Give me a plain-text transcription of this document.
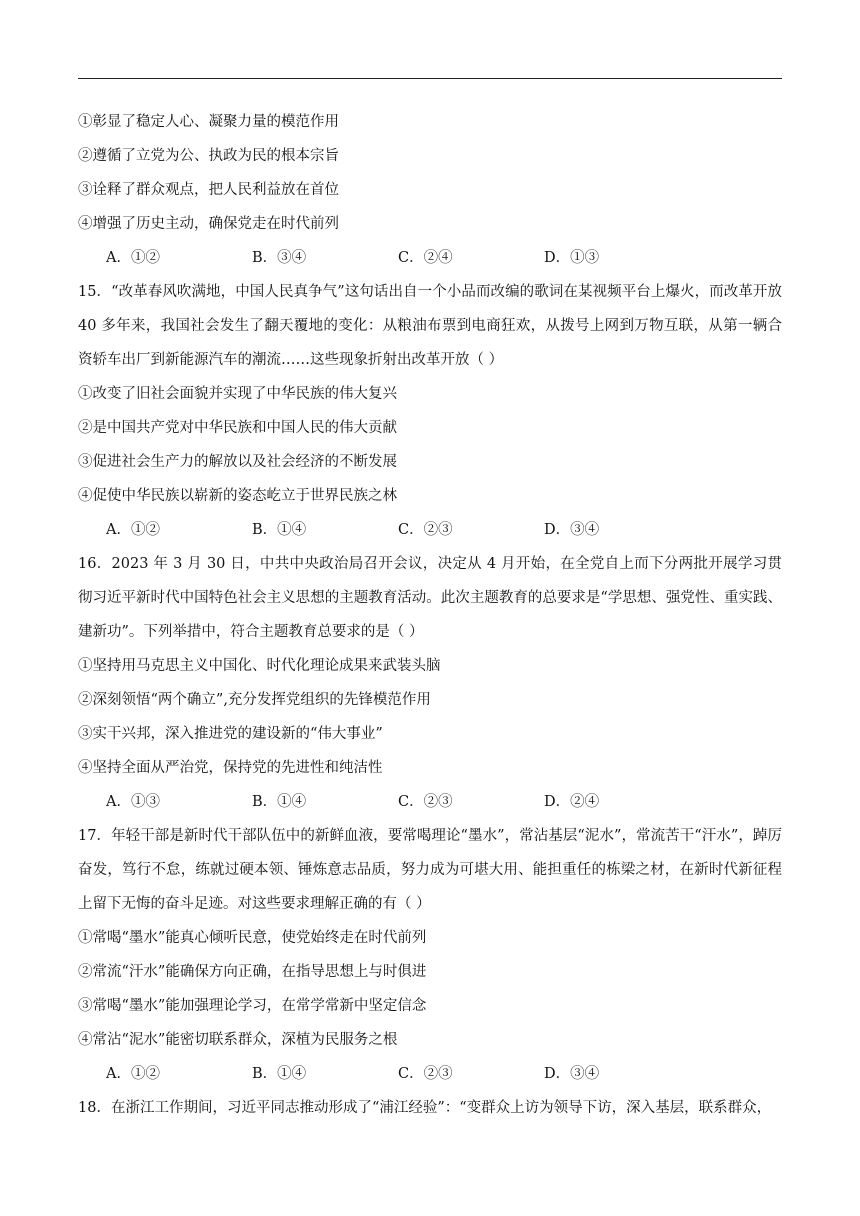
①彰显了稳定人心、凝聚力量的模范作用
②遵循了立党为公、执政为民的根本宗旨
③诠释了群众观点，把人民利益放在首位
④增强了历史主动，确保党走在时代前列
A．①②	B．③④	C．②④	D．①③
15．“改革春风吹满地，中国人民真争气”这句话出自一个小品而改编的歌词在某视频平台上爆火，而改革开放 40 多年来，我国社会发生了翻天覆地的变化：从粮油布票到电商狂欢，从拨号上网到万物互联，从第一辆合资轿车出厂到新能源汽车的潮流……这些现象折射出改革开放（ ）
①改变了旧社会面貌并实现了中华民族的伟大复兴
②是中国共产党对中华民族和中国人民的伟大贡献
③促进社会生产力的解放以及社会经济的不断发展
④促使中华民族以崭新的姿态屹立于世界民族之林
A．①②	B．①④	C．②③	D．③④
16．2023 年 3 月 30 日，中共中央政治局召开会议，决定从 4 月开始，在全党自上而下分两批开展学习贯彻习近平新时代中国特色社会主义思想的主题教育活动。此次主题教育的总要求是“学思想、强党性、重实践、建新功”。下列举措中，符合主题教育总要求的是（ ）
①坚持用马克思主义中国化、时代化理论成果来武装头脑
②深刻领悟“两个确立”,充分发挥党组织的先锋模范作用
③实干兴邦，深入推进党的建设新的“伟大事业”
④坚持全面从严治党，保持党的先进性和纯洁性
A．①③	B．①④	C．②③	D．②④
17．年轻干部是新时代干部队伍中的新鲜血液，要常喝理论“墨水”，常沾基层“泥水”，常流苦干“汗水”，踔厉奋发，笃行不怠，练就过硬本领、锤炼意志品质，努力成为可堪大用、能担重任的栋梁之材，在新时代新征程上留下无悔的奋斗足迹。对这些要求理解正确的有（ ）
①常喝“墨水”能真心倾听民意，使党始终走在时代前列
②常流“汗水”能确保方向正确，在指导思想上与时俱进
③常喝“墨水”能加强理论学习，在常学常新中坚定信念
④常沾“泥水”能密切联系群众，深植为民服务之根
A．①②	B．①④	C．②③	D．③④
18．在浙江工作期间，习近平同志推动形成了“浦江经验”：“变群众上访为领导下访，深入基层，联系群众，
